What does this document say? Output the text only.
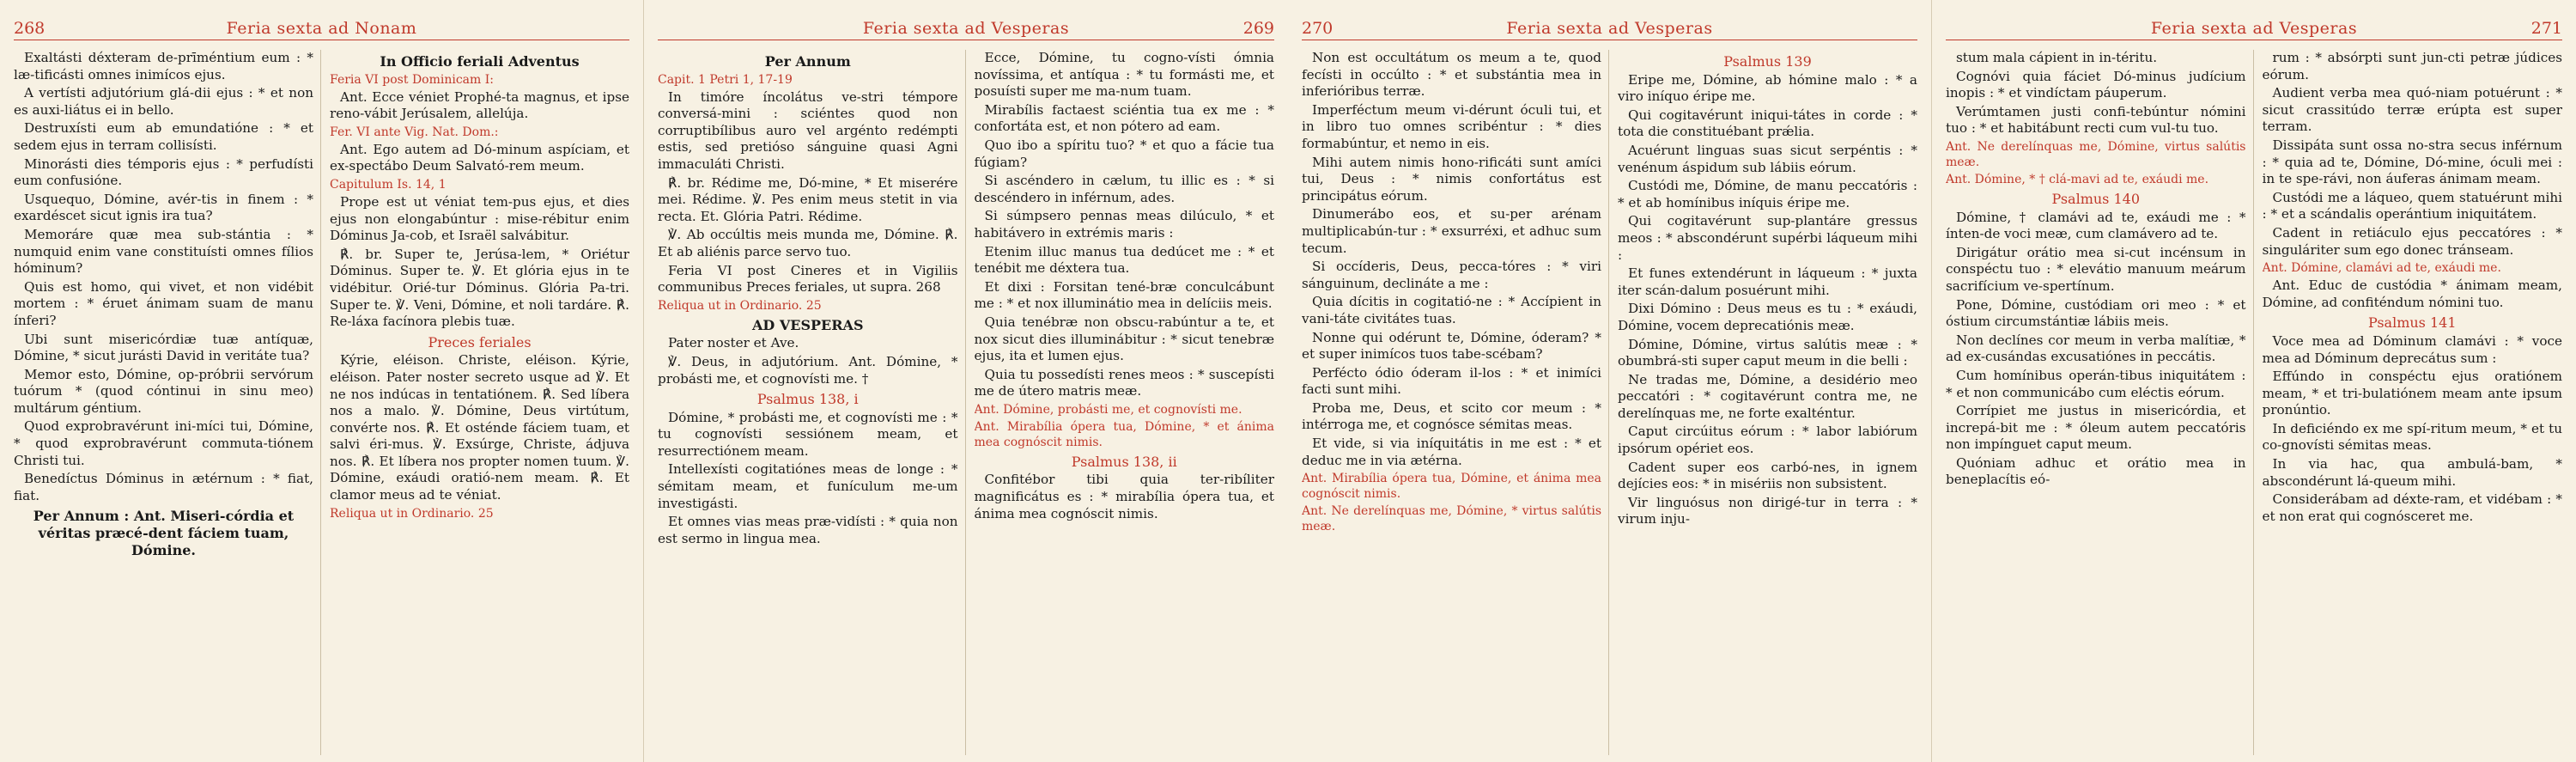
268	Feria sexta ad Nonam
Exaltásti déxteram de-prīméntium eum : * læ-tificásti omnes inimícos ejus.
A vertísti adjutórium glá-dii ejus : * et non es auxi-liátus ei in bello.
Destruxísti eum ab emundatióne : * et sedem ejus in terram collisísti.
Minorásti dies témporis ejus : * perfudísti eum confusióne.
Usquequo, Dómine, avér-tis in finem : * exardéscet sicut ignis ira tua?
Memoráre quæ mea sub-stántia : * numquid enim vane constituísti omnes fílios hóminum?
Quis est homo, qui vivet, et non vidébit mortem : * éruet ánimam suam de manu ínferi?
Ubi sunt misericórdiæ tuæ antíquæ, Dómine, * sicut jurásti David in veritáte tua?
Memor esto, Dómine, op-próbrii servórum tuórum * (quod cóntinui in sinu meo) multárum géntium.
Quod exprobravérunt ini-míci tui, Dómine, * quod exprobravérunt commuta-tiónem Christi tui.
Benedíctus Dóminus in ætérnum : * fiat, fiat.
Per Annum : Ant. Miseri-córdia et véritas præcé-dent fáciem tuam, Dómine.
In Officio feriali Adventus
Feria VI post Dominicam I:
Ant. Ecce véniet Prophé-ta magnus, et ipse reno-vábit Jerúsalem, allelúja.
Fer. VI ante Vig. Nat. Dom.:
Ant. Ego autem ad Dó-minum aspíciam, et ex-spectábo Deum Salvató-rem meum.
Capitulum Is. 14, 1
Prope est ut véniat tem-pus ejus, et dies ejus non elongabúntur : mise-rébitur enim Dóminus Ja-cob, et Israël salvábitur.
℟. br. Super te, Jerúsa-lem, * Oriétur Dóminus. Super te. ℣. Et glória ejus in te vidébitur. Orié-tur Dóminus. Glória Pa-tri. Super te. ℣. Veni, Dómine, et noli tardáre. ℟. Re-láxa facínora plebis tuæ.
Preces feriales
Kýrie, eléison. Christe, eléison. Kýrie, eléison. Pater noster secreto usque ad ℣. Et ne nos indúcas in tentatiónem. ℟. Sed líbera nos a malo. ℣. Dómine, Deus virtútum, convérte nos. ℟. Et osténde fáciem tuam, et salvi éri-mus. ℣. Exsúrge, Christe, ádjuva nos. ℟. Et líbera nos propter nomen tuum. ℣. Dómine, exáudi oratió-nem meam. ℟. Et clamor meus ad te véniat.
Reliqua ut in Ordinario. 25
Feria sexta ad Vesperas	269
Per Annum
Capit. 1 Petri 1, 17-19
In timóre íncolátus ve-stri témpore conversá-mini : sciéntes quod non corruptibílibus auro vel argénto redémpti estis, sed pretióso sánguine quasi Agni immaculáti Christi.
℟. br. Rédime me, Dó-mine, * Et miserére mei. Rédime. ℣. Pes enim meus stetit in via recta. Et. Glória Patri. Rédime.
℣. Ab occúltis meis munda me, Dómine. ℟. Et ab aliénis parce servo tuo.
Feria VI post Cineres et in Vigiliis communibus Preces feriales, ut supra. 268
Reliqua ut in Ordinario. 25
AD VESPERAS
Pater noster et Ave.
℣. Deus, in adjutórium. Ant. Dómine, * probásti me, et cognovísti me. †
Psalmus 138, i
Dómine, * probásti me, et cognovísti me : * tu cognovísti sessiónem meam, et resurrectiónem meam.
Intellexísti cogitatiónes meas de longe : * sémitam meam, et funículum me-um investigásti.
Et omnes vias meas præ-vidísti : * quia non est sermo in lingua mea.
Ecce, Dómine, tu cogno-vísti ómnia novíssima, et antíqua : * tu formásti me, et posuísti super me ma-num tuam.
Mirabílis factaest sciéntia tua ex me : * confortáta est, et non pótero ad eam.
Quo ibo a spíritu tuo? * et quo a fácie tua fúgiam?
Si ascéndero in cælum, tu illic es : * si descéndero in inférnum, ades.
Si súmpsero pennas meas dilúculo, * et habitávero in extrémis maris :
Etenim illuc manus tua dedúcet me : * et tenébit me déxtera tua.
Et dixi : Forsitan tené-bræ conculcábunt me : * et nox illuminátio mea in delíciis meis.
Quia tenébræ non obscu-rabúntur a te, et nox sicut dies illuminábitur : * sicut tenebræ ejus, ita et lumen ejus.
Quia tu possedísti renes meos : * suscepísti me de útero matris meæ.
Ant. Dómine, probásti me, et cognovísti me.
Ant. Mirabília ópera tua, Dómine, * et ánima mea cognóscit nimis.
Psalmus 138, ii
Confitébor tibi quia ter-ribíliter magnificátus es : * mirabília ópera tua, et ánima mea cognóscit nimis.
270	Feria sexta ad Vesperas
Non est occultátum os meum a te, quod fecísti in occúlto : * et substántia mea in inferióribus terræ.
Imperféctum meum vi-dérunt óculi tui, et in libro tuo omnes scribéntur : * dies formabúntur, et nemo in eis.
Mihi autem nimis hono-rificáti sunt amíci tui, Deus : * nimis confortátus est principátus eórum.
Dinumerábo eos, et su-per arénam multiplicabún-tur : * exsurréxi, et adhuc sum tecum.
Si occíderis, Deus, pecca-tóres : * viri sánguinum, declináte a me :
Quia dícitis in cogitatió-ne : * Accípient in vani-táte civitátes tuas.
Nonne qui odérunt te, Dómine, óderam? * et super inimícos tuos tabe-scébam?
Perfécto ódio óderam il-los : * et inimíci facti sunt mihi.
Proba me, Deus, et scito cor meum : * intérroga me, et cognósce sémitas meas.
Et vide, si via iníquitátis in me est : * et deduc me in via ætérna.
Ant. Mirabília ópera tua, Dómine, et ánima mea cognóscit nimis.
Ant. Ne derelínquas me, Dómine, * virtus salútis meæ.
Psalmus 139
Eripe me, Dómine, ab hómine malo : * a viro iníquo éripe me.
Qui cogitavérunt iniqui-tátes in corde : * tota die constituébant prǽlia.
Acuérunt linguas suas sicut serpéntis : * venénum áspidum sub lábiis eórum.
Custódi me, Dómine, de manu peccatóris : * et ab homínibus iníquis éripe me.
Qui cogitavérunt sup-plantáre gressus meos : * abscondérunt supérbi láqueum mihi :
Et funes extendérunt in láqueum : * juxta iter scán-dalum posuérunt mihi.
Dixi Dómino : Deus meus es tu : * exáudi, Dómine, vocem deprecatiónis meæ.
Dómine, Dómine, virtus salútis meæ : * obumbrá-sti super caput meum in die belli :
Ne tradas me, Dómine, a desidério meo peccatóri : * cogitavérunt contra me, ne derelínquas me, ne forte exalténtur.
Caput circúitus eórum : * labor labiórum ipsórum opériet eos.
Cadent super eos carbó-nes, in ignem dejícies eos: * in misériis non subsistent.
Vir linguósus non dirigé-tur in terra : * virum inju-
Feria sexta ad Vesperas	271
stum mala cápient in in-téritu.
Cognóvi quia fáciet Dó-minus judícium inopis : * et vindíctam páuperum.
Verúmtamen justi confi-tebúntur nómini tuo : * et habitábunt recti cum vul-tu tuo.
Ant. Ne derelínquas me, Dómine, virtus salútis meæ.
Ant. Dómine, * † clá-mavi ad te, exáudi me.
Psalmus 140
Dómine, † clamávi ad te, exáudi me : * ínten-de voci meæ, cum clamávero ad te.
Dirigátur orátio mea si-cut incénsum in conspéctu tuo : * elevátio manuum meárum sacrifícium ve-spertínum.
Pone, Dómine, custódiam ori meo : * et óstium circumstántiæ lábiis meis.
Non declínes cor meum in verba malítiæ, * ad ex-cusándas excusatiónes in peccátis.
Cum homínibus operán-tibus iniquitátem : * et non communicábo cum eléctis eórum.
Corrípiet me justus in misericórdia, et increpá-bit me : * óleum autem peccatóris non impínguet caput meum.
Quóniam adhuc et orátio mea in beneplacítis eó-
rum : * absórpti sunt jun-cti petræ júdices eórum.
Audient verba mea quó-niam potuérunt : * sicut crassitúdo terræ erúpta est super terram.
Dissipáta sunt ossa no-stra secus inférnum : * quia ad te, Dómine, Dó-mine, óculi mei : in te spe-rávi, non áuferas ánimam meam.
Custódi me a láqueo, quem statuérunt mihi : * et a scándalis operántium iniquitátem.
Cadent in retiáculo ejus peccatóres : * singuláriter sum ego donec tránseam.
Ant. Dómine, clamávi ad te, exáudi me.
Ant. Educ de custódia * ánimam meam, Dómine, ad confiténdum nómini tuo.
Psalmus 141
Voce mea ad Dóminum clamávi : * voce mea ad Dóminum deprecátus sum :
Effúndo in conspéctu ejus oratiónem meam, * et tri-bulatiónem meam ante ipsum pronúntio.
In deficiéndo ex me spí-ritum meum, * et tu co-gnovísti sémitas meas.
In via hac, qua ambulá-bam, * abscondérunt lá-queum mihi.
Considerábam ad déxte-ram, et vidébam : * et non erat qui cognósceret me.
